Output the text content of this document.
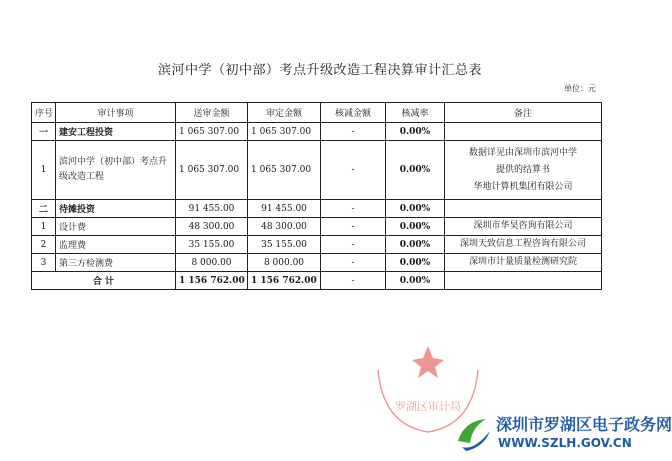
滨河中学（初中部）考点升级改造工程决算审计汇总表
单位：元
序号	审计事项	送审金额	审定金额	核减金额	核减率	备注
一	建安工程投资	1 065 307.00	1 065 307.00	-	0.00%	
1	滨河中学（初中部）考点升级改造工程	1 065 307.00	1 065 307.00	-	0.00%	数据详见由深圳市滨河中学
提供的结算书
华地计算机集团有限公司

二	待摊投资	91 455.00	91 455.00	-	0.00%	
1	设计费	48 300.00	48 300.00	-	0.00%	深圳市华昊咨询有限公司

2	监理费	35 155.00	35 155.00	-	0.00%	深圳天致信息工程咨询有限公司

3	第三方检测费	8 000.00	8 000.00	-	0.00%	深圳市计量质量检测研究院

合 计		1 156 762.00	1 156 762.00	-	0.00%	
罗湖区审计局
深圳市罗湖区电子政务网
WWW.SZLH.GOV.CN
